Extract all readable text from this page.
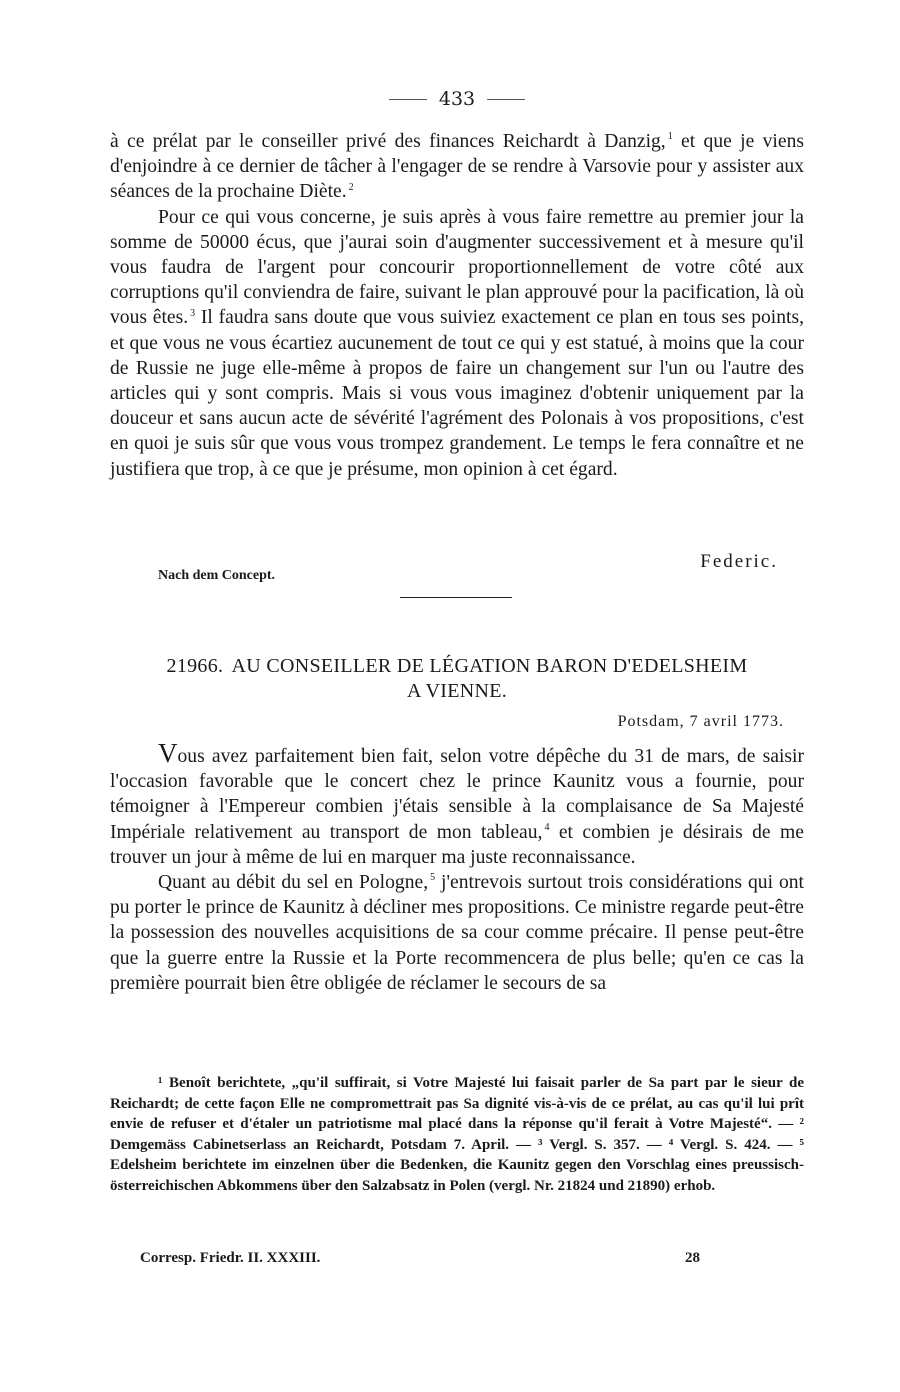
433

à ce prélat par le conseiller privé des finances Reichardt à Danzig, $^1$ et que je viens d'enjoindre à ce dernier de tâcher à l'engager de se rendre à Varsovie pour y assister aux séances de la prochaine Diète. $^2$

Pour ce qui vous concerne, je suis après à vous faire remettre au premier jour la somme de 50000 écus, que j'aurai soin d'augmenter successivement et à mesure qu'il vous faudra de l'argent pour concourir proportionnellement de votre côté aux corruptions qu'il conviendra de faire, suivant le plan approuvé pour la pacification, là où vous êtes. $^3$ Il faudra sans doute que vous suiviez exactement ce plan en tous ses points, et que vous ne vous écartiez aucunement de tout ce qui y est statué, à moins que la cour de Russie ne juge elle-même à propos de faire un changement sur l'un ou l'autre des articles qui y sont compris. Mais si vous vous imaginez d'obtenir uniquement par la douceur et sans aucun acte de sévérité l'agrément des Polonais à vos propositions, c'est en quoi je suis sûr que vous vous trompez grandement. Le temps le fera connaître et ne justifiera que trop, à ce que je présume, mon opinion à cet égard.

Federic.
Nach dem Concept.
21966. AU CONSEILLER DE LÉGATION BARON D'EDELSHEIM
A VIENNE.
Potsdam, 7 avril 1773.

Vous avez parfaitement bien fait, selon votre dépêche du 31 de mars, de saisir l'occasion favorable que le concert chez le prince Kaunitz vous a fournie, pour témoigner à l'Empereur combien j'étais sensible à la complaisance de Sa Majesté Impériale relativement au transport de mon tableau, $^4$ et combien je désirais de me trouver un jour à même de lui en marquer ma juste reconnaissance.

Quant au débit du sel en Pologne, $^5$ j'entrevois surtout trois considérations qui ont pu porter le prince de Kaunitz à décliner mes propositions. Ce ministre regarde peut-être la possession des nouvelles acquisitions de sa cour comme précaire. Il pense peut-être que la guerre entre la Russie et la Porte recommencera de plus belle; qu'en ce cas la première pourrait bien être obligée de réclamer le secours de sa

¹ Benoît berichtete, „qu'il suffirait, si Votre Majesté lui faisait parler de Sa part par le sieur de Reichardt; de cette façon Elle ne compromettrait pas Sa dignité vis-à-vis de ce prélat, au cas qu'il lui prît envie de refuser et d'étaler un patriotisme mal placé dans la réponse qu'il ferait à Votre Majesté“. — ² Demgemäss Cabinetserlass an Reichardt, Potsdam 7. April. — ³ Vergl. S. 357. — ⁴ Vergl. S. 424. — ⁵ Edelsheim berichtete im einzelnen über die Bedenken, die Kaunitz gegen den Vorschlag eines preussisch-österreichischen Abkommens über den Salzabsatz in Polen (vergl. Nr. 21824 und 21890) erhob.
Corresp. Friedr. II. XXXIII.	28
